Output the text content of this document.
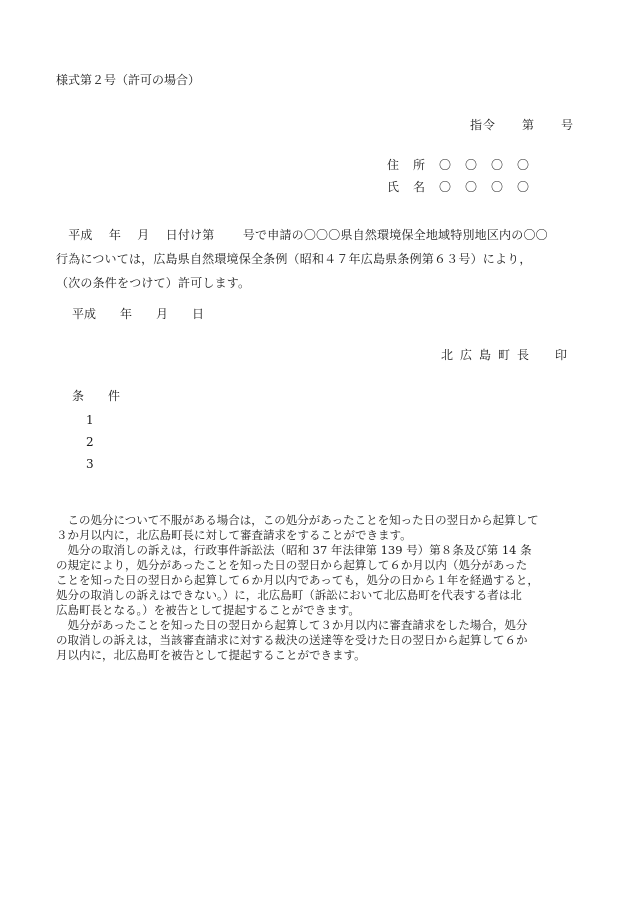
様式第２号（許可の場合）
指令　　第　　号
住　所　〇　〇　〇　〇
氏　名　〇　〇　〇　〇

　平成　 年　 月　 日付け第　　 号で申請の〇〇〇県自然環境保全地域特別地区内の〇〇

行為については，広島県自然環境保全条例（昭和４７年広島県条例第６３号）により，

（次の条件をつけて）許可します。

平成　　年　　月　　日
北広島町長　印
条　件
1
2
3

　この処分について不服がある場合は，この処分があったことを知った日の翌日から起算して

３か月以内に，北広島町長に対して審査請求をすることができます。

　処分の取消しの訴えは，行政事件訴訟法（昭和 37 年法律第 139 号）第８条及び第 14 条

の規定により，処分があったことを知った日の翌日から起算して６か月以内（処分があった

ことを知った日の翌日から起算して６か月以内であっても，処分の日から１年を経過すると，

処分の取消しの訴えはできない。）に，北広島町（訴訟において北広島町を代表する者は北

広島町長となる。）を被告として提起することができます。

　処分があったことを知った日の翌日から起算して３か月以内に審査請求をした場合，処分

の取消しの訴えは，当該審査請求に対する裁決の送達等を受けた日の翌日から起算して６か

月以内に，北広島町を被告として提起することができます。
